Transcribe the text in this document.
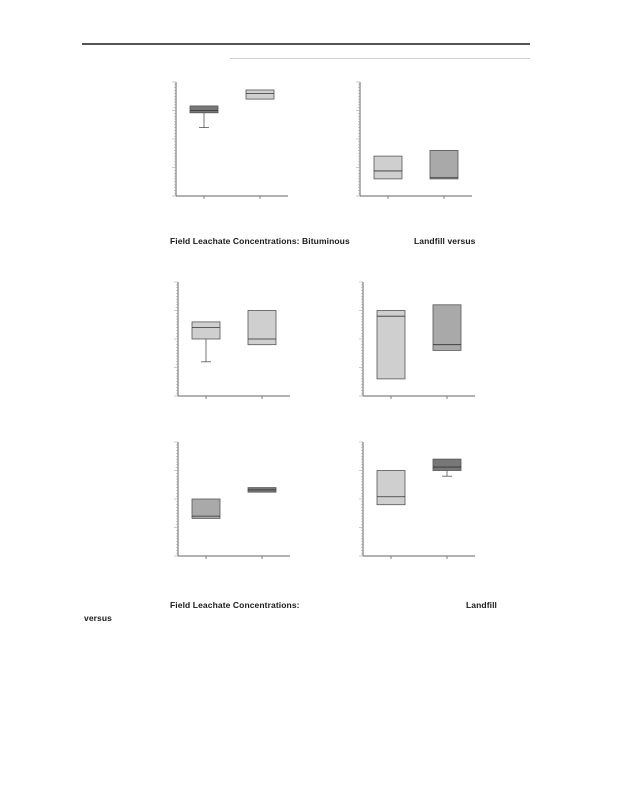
Field Leachate Concentrations: Bituminous	Landfill versus
Field Leachate Concentrations:	Landfill
versus
